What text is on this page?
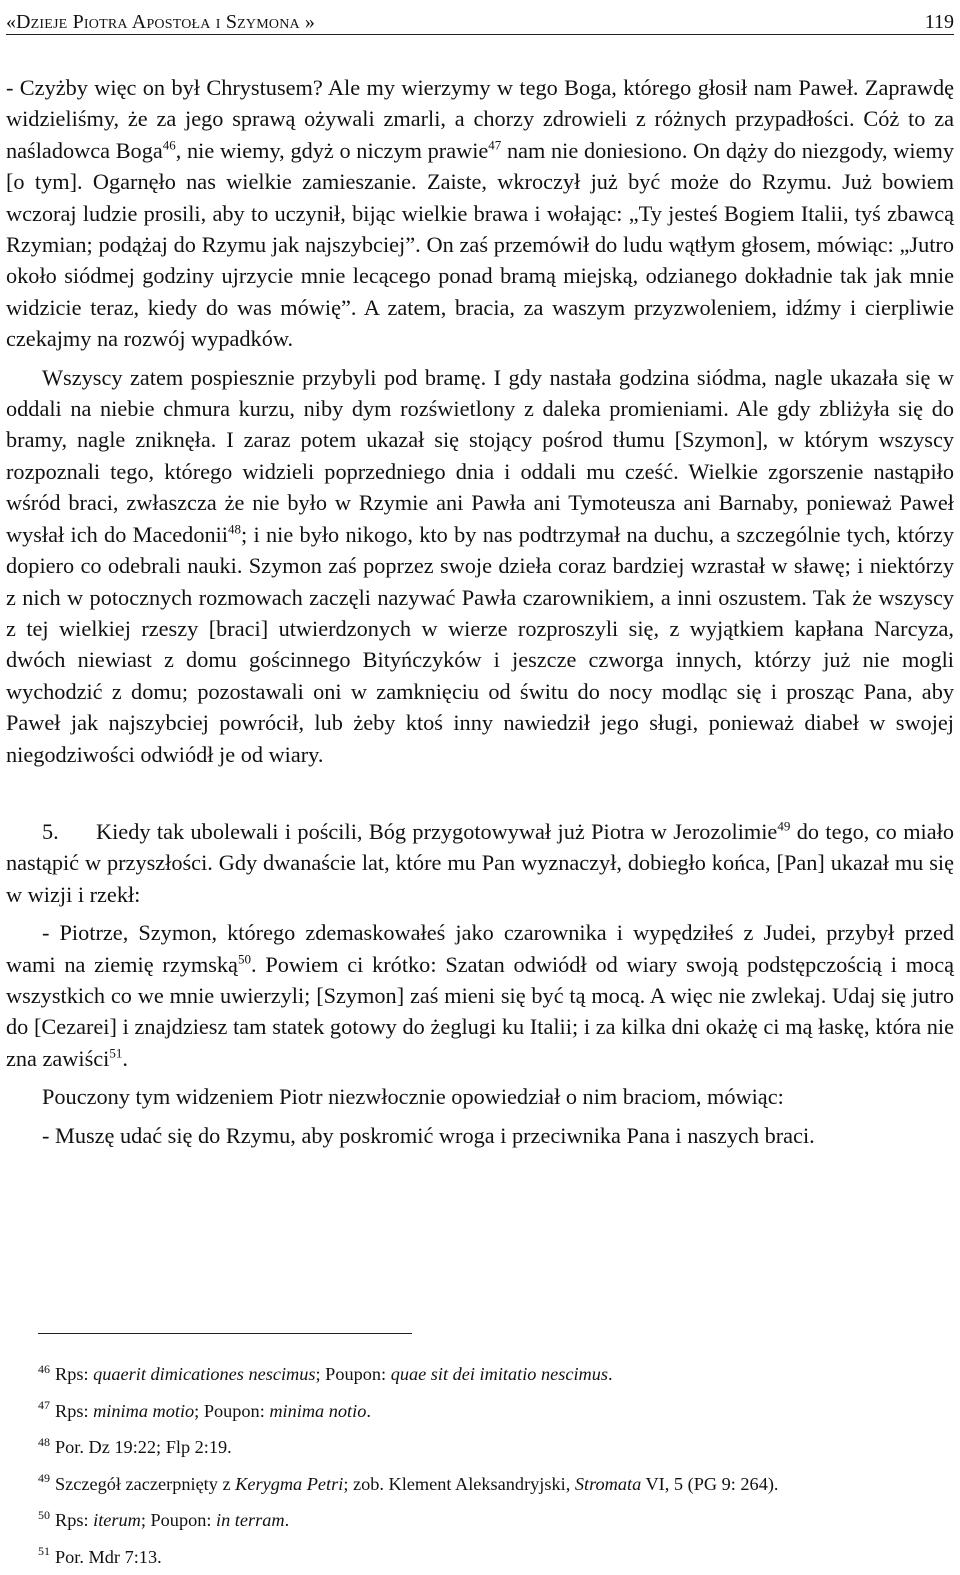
«Dzieje Piotra Apostoła i Szymona »	119

- Czyżby więc on był Chrystusem? Ale my wierzymy w tego Boga, którego głosił nam Paweł. Zaprawdę widzieliśmy, że za jego sprawą ożywali zmarli, a chorzy zdrowieli z różnych przypadłości. Cóż to za naśladowca Boga$^{46}$, nie wiemy, gdyż o niczym prawie$^{47}$ nam nie doniesiono. On dąży do niezgody, wiemy [o tym]. Ogarnęło nas wielkie zamieszanie. Zaiste, wkroczył już być może do Rzymu. Już bowiem wczoraj ludzie prosili, aby to uczynił, bijąc wielkie brawa i wołając: „Ty jesteś Bogiem Italii, tyś zbawcą Rzymian; podążaj do Rzymu jak najszybciej”. On zaś przemówił do ludu wątłym głosem, mówiąc: „Jutro około siódmej godziny ujrzycie mnie lecącego ponad bramą miejską, odzianego dokładnie tak jak mnie widzicie teraz, kiedy do was mówię”. A zatem, bracia, za waszym przyzwoleniem, idźmy i cierpliwie czekajmy na rozwój wypadków.

Wszyscy zatem pospiesznie przybyli pod bramę. I gdy nastała godzina siódma, nagle ukazała się w oddali na niebie chmura kurzu, niby dym rozświetlony z daleka promieniami. Ale gdy zbliżyła się do bramy, nagle zniknęła. I zaraz potem ukazał się stojący pośrod tłumu [Szymon], w którym wszyscy rozpoznali tego, którego widzieli poprzedniego dnia i oddali mu cześć. Wielkie zgorszenie nastąpiło wśród braci, zwłaszcza że nie było w Rzymie ani Pawła ani Tymoteusza ani Barnaby, ponieważ Paweł wysłał ich do Macedonii$^{48}$; i nie było nikogo, kto by nas podtrzymał na duchu, a szczególnie tych, którzy dopiero co odebrali nauki. Szymon zaś poprzez swoje dzieła coraz bardziej wzrastał w sławę; i niektórzy z nich w potocznych rozmowach zaczęli nazywać Pawła czarownikiem, a inni oszustem. Tak że wszyscy z tej wielkiej rzeszy [braci] utwierdzonych w wierze rozproszyli się, z wyjątkiem kapłana Narcyza, dwóch niewiast z domu gościnnego Bityńczyków i jeszcze czworga innych, którzy już nie mogli wychodzić z domu; pozostawali oni w zamknięciu od świtu do nocy modląc się i prosząc Pana, aby Paweł jak najszybciej powrócił, lub żeby ktoś inny nawiedził jego sługi, ponieważ diabeł w swojej niegodziwości odwiódł je od wiary.

5. Kiedy tak ubolewali i pościli, Bóg przygotowywał już Piotra w Jerozolimie$^{49}$ do tego, co miało nastąpić w przyszłości. Gdy dwanaście lat, które mu Pan wyznaczył, dobiegło końca, [Pan] ukazał mu się w wizji i rzekł:

- Piotrze, Szymon, którego zdemaskowałeś jako czarownika i wypędziłeś z Judei, przybył przed wami na ziemię rzymską$^{50}$. Powiem ci krótko: Szatan odwiódł od wiary swoją podstępczością i mocą wszystkich co we mnie uwierzyli; [Szymon] zaś mieni się być tą mocą. A więc nie zwlekaj. Udaj się jutro do [Cezarei] i znajdziesz tam statek gotowy do żeglugi ku Italii; i za kilka dni okażę ci mą łaskę, która nie zna zawiści$^{51}$.

Pouczony tym widzeniem Piotr niezwłocznie opowiedział o nim braciom, mówiąc:

- Muszę udać się do Rzymu, aby poskromić wroga i przeciwnika Pana i naszych braci.

$^{46}$ Rps: quaerit dimicationes nescimus; Poupon: quae sit dei imitatio nescimus.
$^{47}$ Rps: minima motio; Poupon: minima notio.
$^{48}$ Por. Dz 19:22; Flp 2:19.
$^{49}$ Szczegół zaczerpnięty z Kerygma Petri; zob. Klement Aleksandryjski, Stromata VI, 5 (PG 9: 264).
$^{50}$ Rps: iterum; Poupon: in terram.
$^{51}$ Por. Mdr 7:13.
